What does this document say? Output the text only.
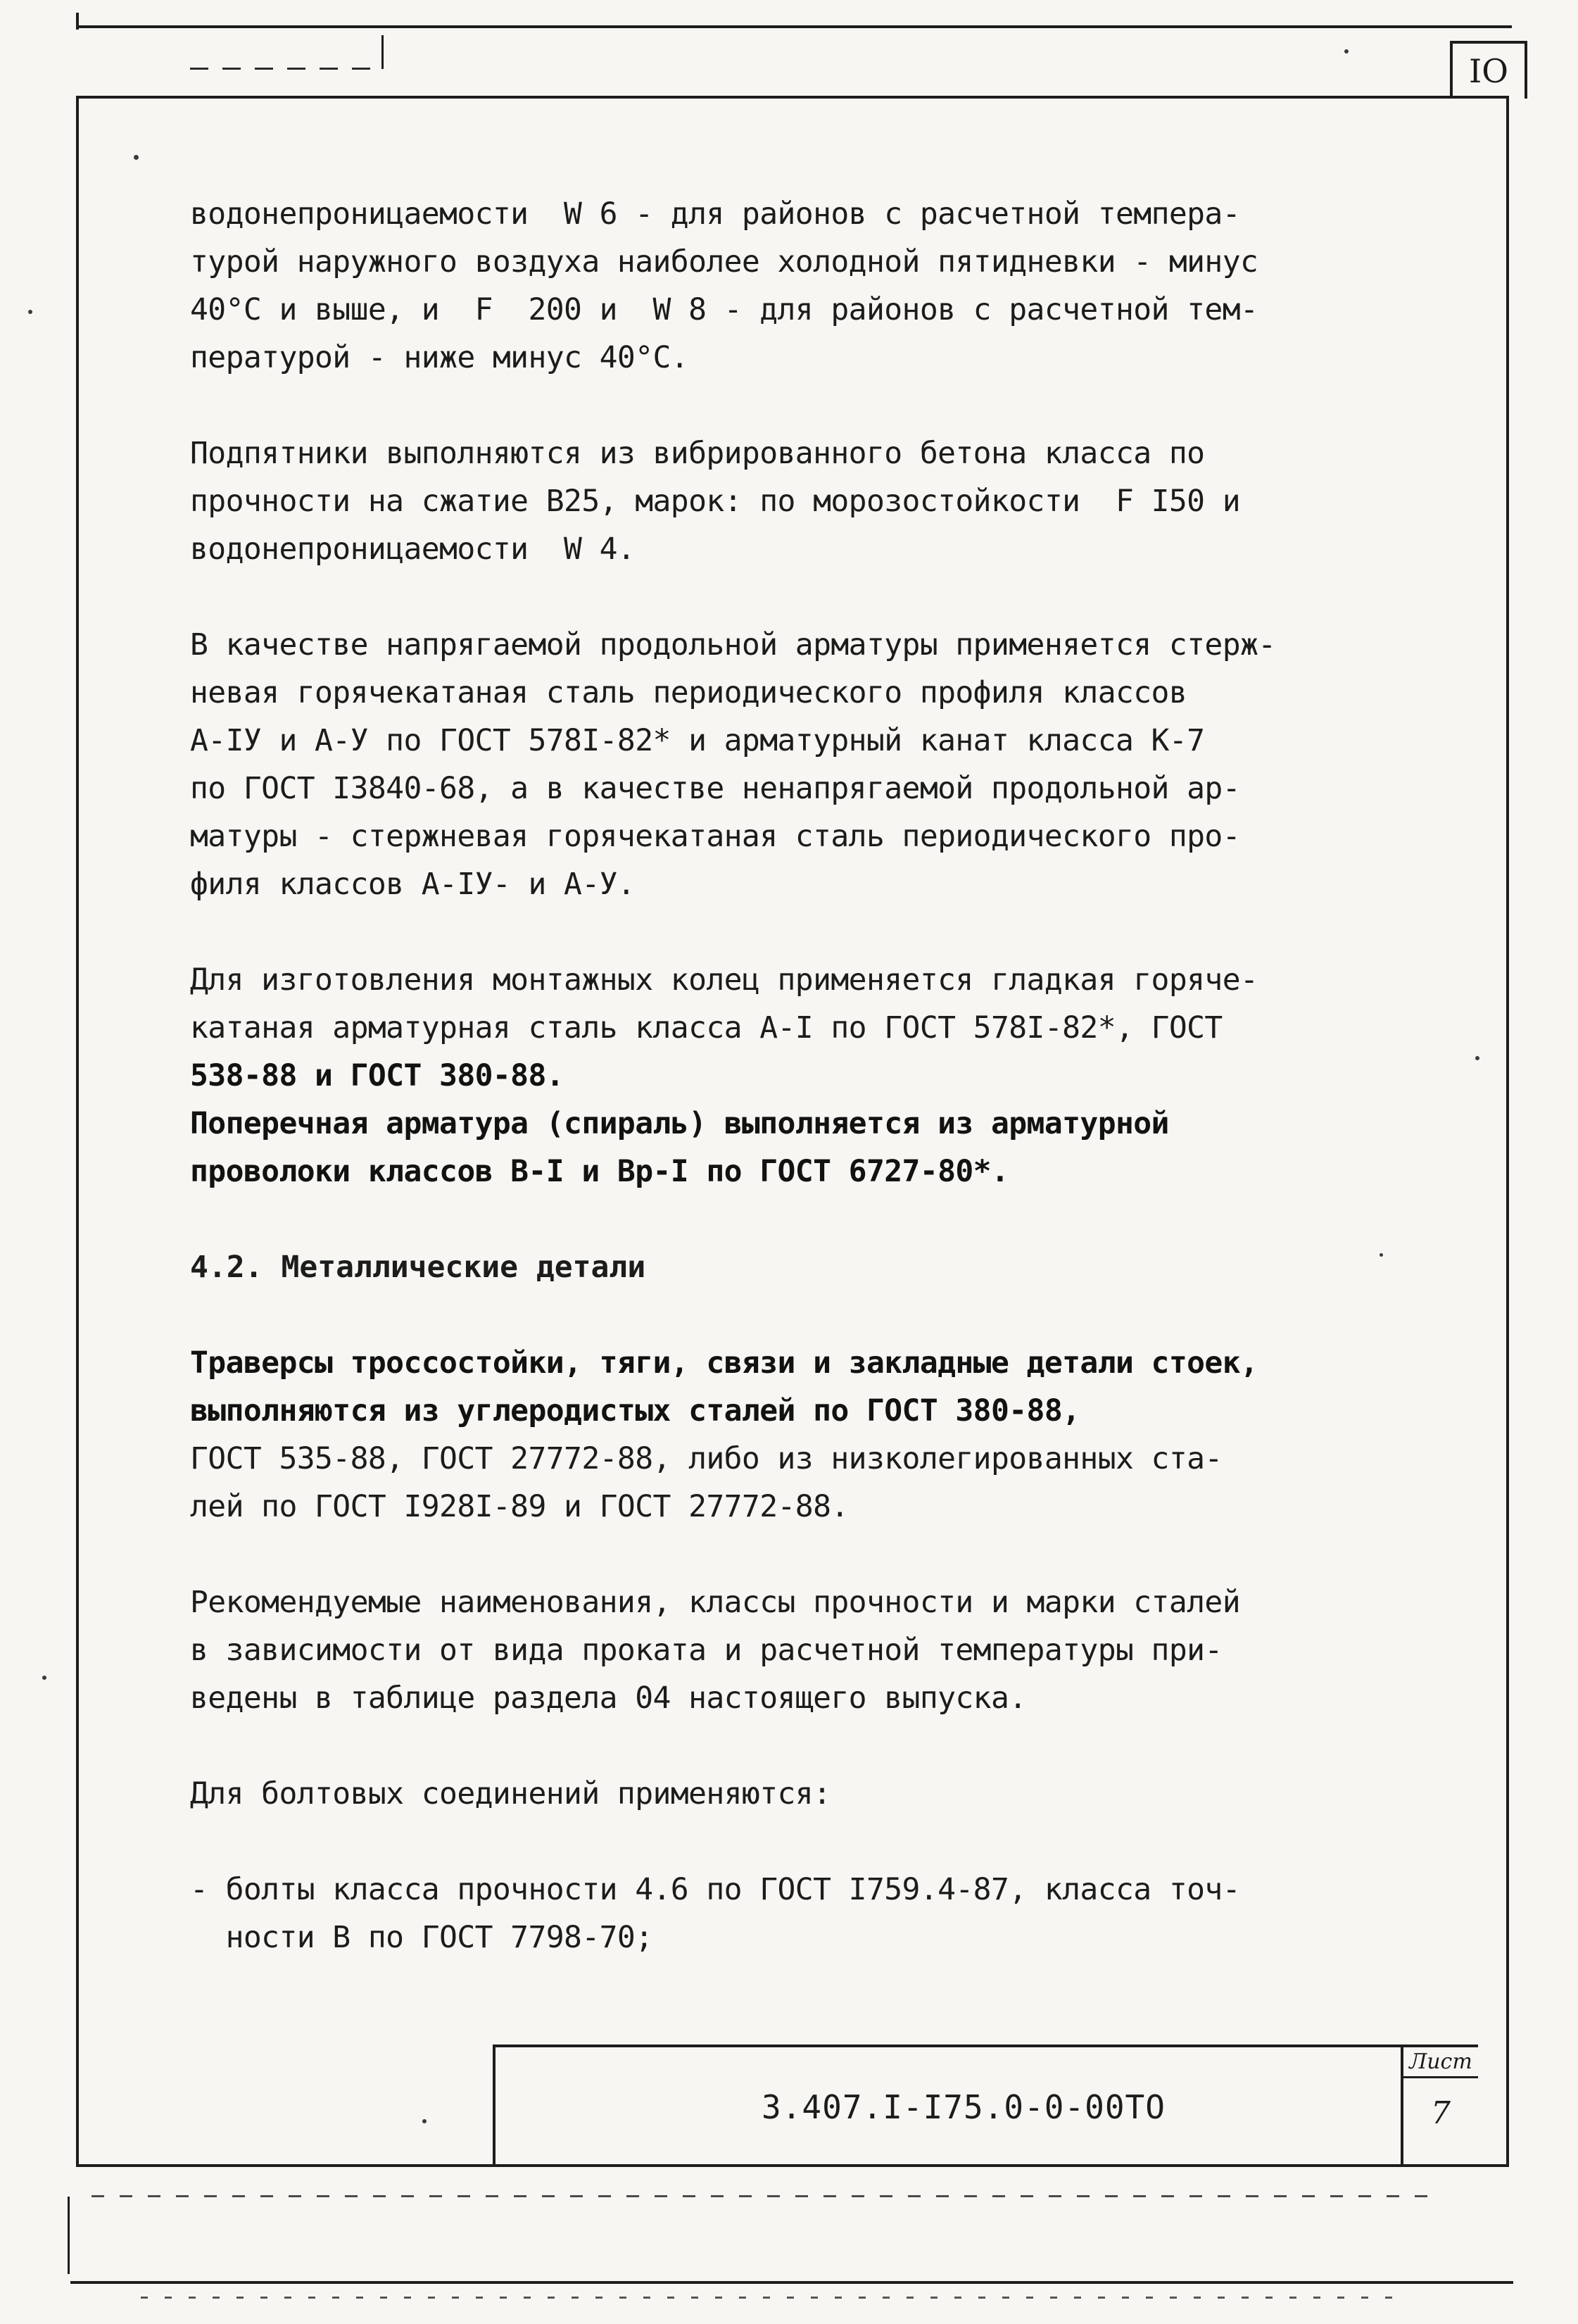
IO
водонепроницаемости  W 6 - для районов с расчетной темпера-
турой наружного воздуха наиболее холодной пятидневки - минус
40°С и выше, и  F  200 и  W 8 - для районов с расчетной тем-
пературой - ниже минус 40°С.
Подпятники выполняются из вибрированного бетона класса по
прочности на сжатие В25, марок: по морозостойкости  F I50 и
водонепроницаемости  W 4.
В качестве напрягаемой продольной арматуры применяется стерж-
невая горячекатаная сталь периодического профиля классов
А-IУ и А-У по ГОСТ 578I-82* и арматурный канат класса К-7
по ГОСТ I3840-68, а в качестве ненапрягаемой продольной ар-
матуры - стержневая горячекатаная сталь периодического про-
филя классов А-IУ- и А-У.
Для изготовления монтажных колец применяется гладкая горяче-
катаная арматурная сталь класса А-I по ГОСТ 578I-82*, ГОСТ
538-88 и ГОСТ 380-88.
Поперечная арматура (спираль) выполняется из арматурной
проволоки классов В-I и Вр-I по ГОСТ 6727-80*.
4.2. Металлические детали
Траверсы троссостойки, тяги, связи и закладные детали стоек,
выполняются из углеродистых сталей по ГОСТ 380-88,
ГОСТ 535-88, ГОСТ 27772-88, либо из низколегированных ста-
лей по ГОСТ I928I-89 и ГОСТ 27772-88.
Рекомендуемые наименования, классы прочности и марки сталей
в зависимости от вида проката и расчетной температуры при-
ведены в таблице раздела 04 настоящего выпуска.
Для болтовых соединений применяются:
- болты класса прочности 4.6 по ГОСТ I759.4-87, класса точ-
ности В по ГОСТ 7798-70;
3.407.I-I75.0-0-00ТО
Лист
7
